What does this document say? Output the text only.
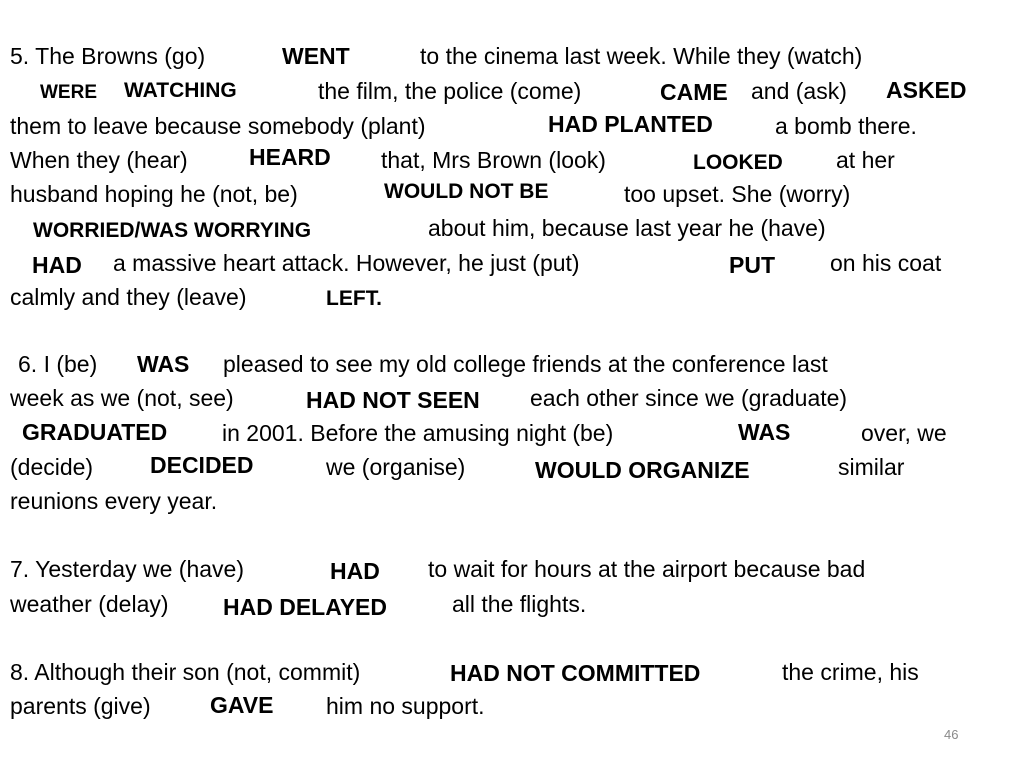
5. The Browns (go)	WENT	to the cinema last week. While they (watch)
WERE WATCHING	the film, the police (come)	CAME and (ask) ASKED
them to leave because somebody (plant)	HAD PLANTED	a bomb there.
When they (hear)	HEARD that, Mrs Brown (look)	LOOKED at her
husband hoping he (not, be)	WOULD NOT BE	too upset. She (worry)
WORRIED/WAS WORRYING	about him, because last year he (have)
HAD a massive heart attack. However, he just (put)	PUT on his coat
calmly and they (leave)	LEFT.
6. I (be) WAS pleased to see my old college friends at the conference last
week as we (not, see)	HAD NOT SEEN each other since we (graduate)
GRADUATED in 2001. Before the amusing night (be)	WAS	over, we
(decide) DECIDED	we (organise)	WOULD ORGANIZE	similar
reunions every year.
7. Yesterday we (have)	HAD to wait for hours at the airport because bad
weather (delay) HAD DELAYED	all the flights.
8. Although their son (not, commit)	HAD NOT COMMITTED	the crime, his
parents (give)	GAVE him no support.
46
